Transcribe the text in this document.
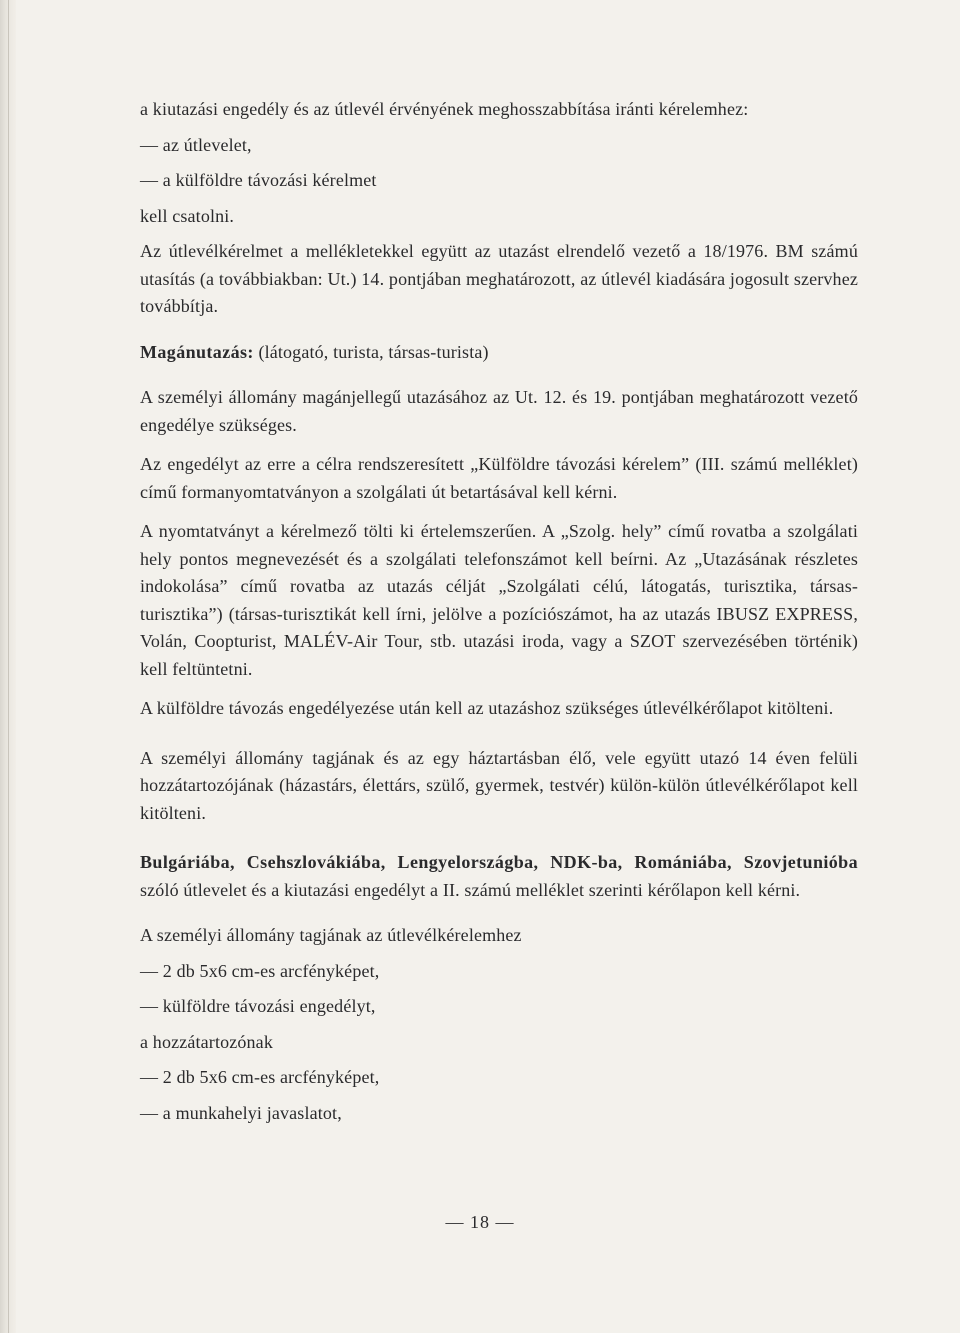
a kiutazási engedély és az útlevél érvényének meghosszabbítása iránti kérelemhez:

— az útlevelet,

— a külföldre távozási kérelmet

kell csatolni.

Az útlevélkérelmet a mellékletekkel együtt az utazást elrendelő vezető a 18/1976. BM számú utasítás (a továbbiakban: Ut.) 14. pontjában meghatározott, az útlevél kiadására jogosult szervhez továbbítja.

Magánutazás: (látogató, turista, társas-turista)

A személyi állomány magánjellegű utazásához az Ut. 12. és 19. pontjában meghatározott vezető engedélye szükséges.

Az engedélyt az erre a célra rendszeresített „Külföldre távozási kérelem” (III. számú melléklet) című formanyomtatványon a szolgálati út betartásával kell kérni.

A nyomtatványt a kérelmező tölti ki értelemszerűen. A „Szolg. hely” című rovatba a szolgálati hely pontos megnevezését és a szolgálati telefonszámot kell beírni. Az „Utazásának részletes indokolása” című rovatba az utazás célját „Szolgálati célú, látogatás, turisztika, társas-turisztika”) (társas-turisztikát kell írni, jelölve a pozíciószámot, ha az utazás IBUSZ EXPRESS, Volán, Coopturist, MALÉV-Air Tour, stb. utazási iroda, vagy a SZOT szervezésében történik) kell feltüntetni.

A külföldre távozás engedélyezése után kell az utazáshoz szükséges útlevélkérőlapot kitölteni.

A személyi állomány tagjának és az egy háztartásban élő, vele együtt utazó 14 éven felüli hozzátartozójának (házastárs, élettárs, szülő, gyermek, testvér) külön-külön útlevélkérőlapot kell kitölteni.

Bulgáriába, Csehszlovákiába, Lengyelországba, NDK-ba, Romániába, Szovjetunióba szóló útlevelet és a kiutazási engedélyt a II. számú melléklet szerinti kérőlapon kell kérni.

A személyi állomány tagjának az útlevélkérelemhez

— 2 db 5x6 cm-es arcfényképet,

— külföldre távozási engedélyt,

a hozzátartozónak

— 2 db 5x6 cm-es arcfényképet,

— a munkahelyi javaslatot,

— 18 —
